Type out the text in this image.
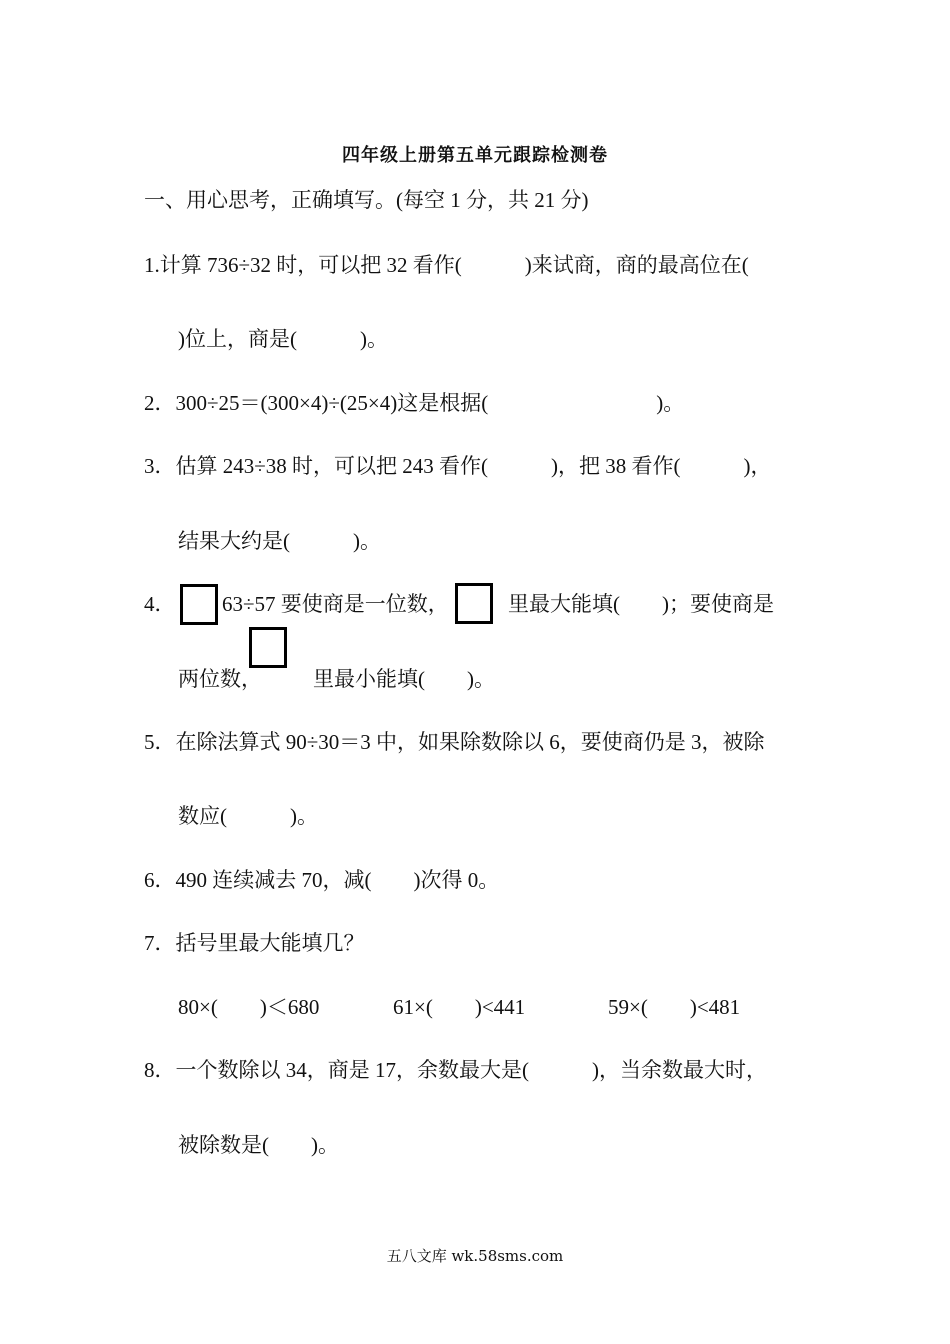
四年级上册第五单元跟踪检测卷
一、用心思考，正确填写。(每空 1 分，共 21 分)
1.计算 736÷32 时，可以把 32 看作(　　　)来试商，商的最高位在(
)位上，商是(　　　)。
2．300÷25＝(300×4)÷(25×4)这是根据(　　　　　　　　)。
3．估算 243÷38 时，可以把 243 看作(　　　)，把 38 看作(　　　)，
结果大约是(　　　)。
4． 63÷57 要使商是一位数，	里最大能填(　　)；要使商是
两位数， 里最小能填(　　)。
5．在除法算式 90÷30＝3 中，如果除数除以 6，要使商仍是 3，被除
数应(　　　)。
6．490 连续减去 70，减(　　)次得 0。
7．括号里最大能填几？
80×(　　)＜680	61×(　　)<441	59×(　　)<481
8．一个数除以 34，商是 17，余数最大是(　　　)，当余数最大时，
被除数是(　　)。
五八文库 wk.58sms.com
